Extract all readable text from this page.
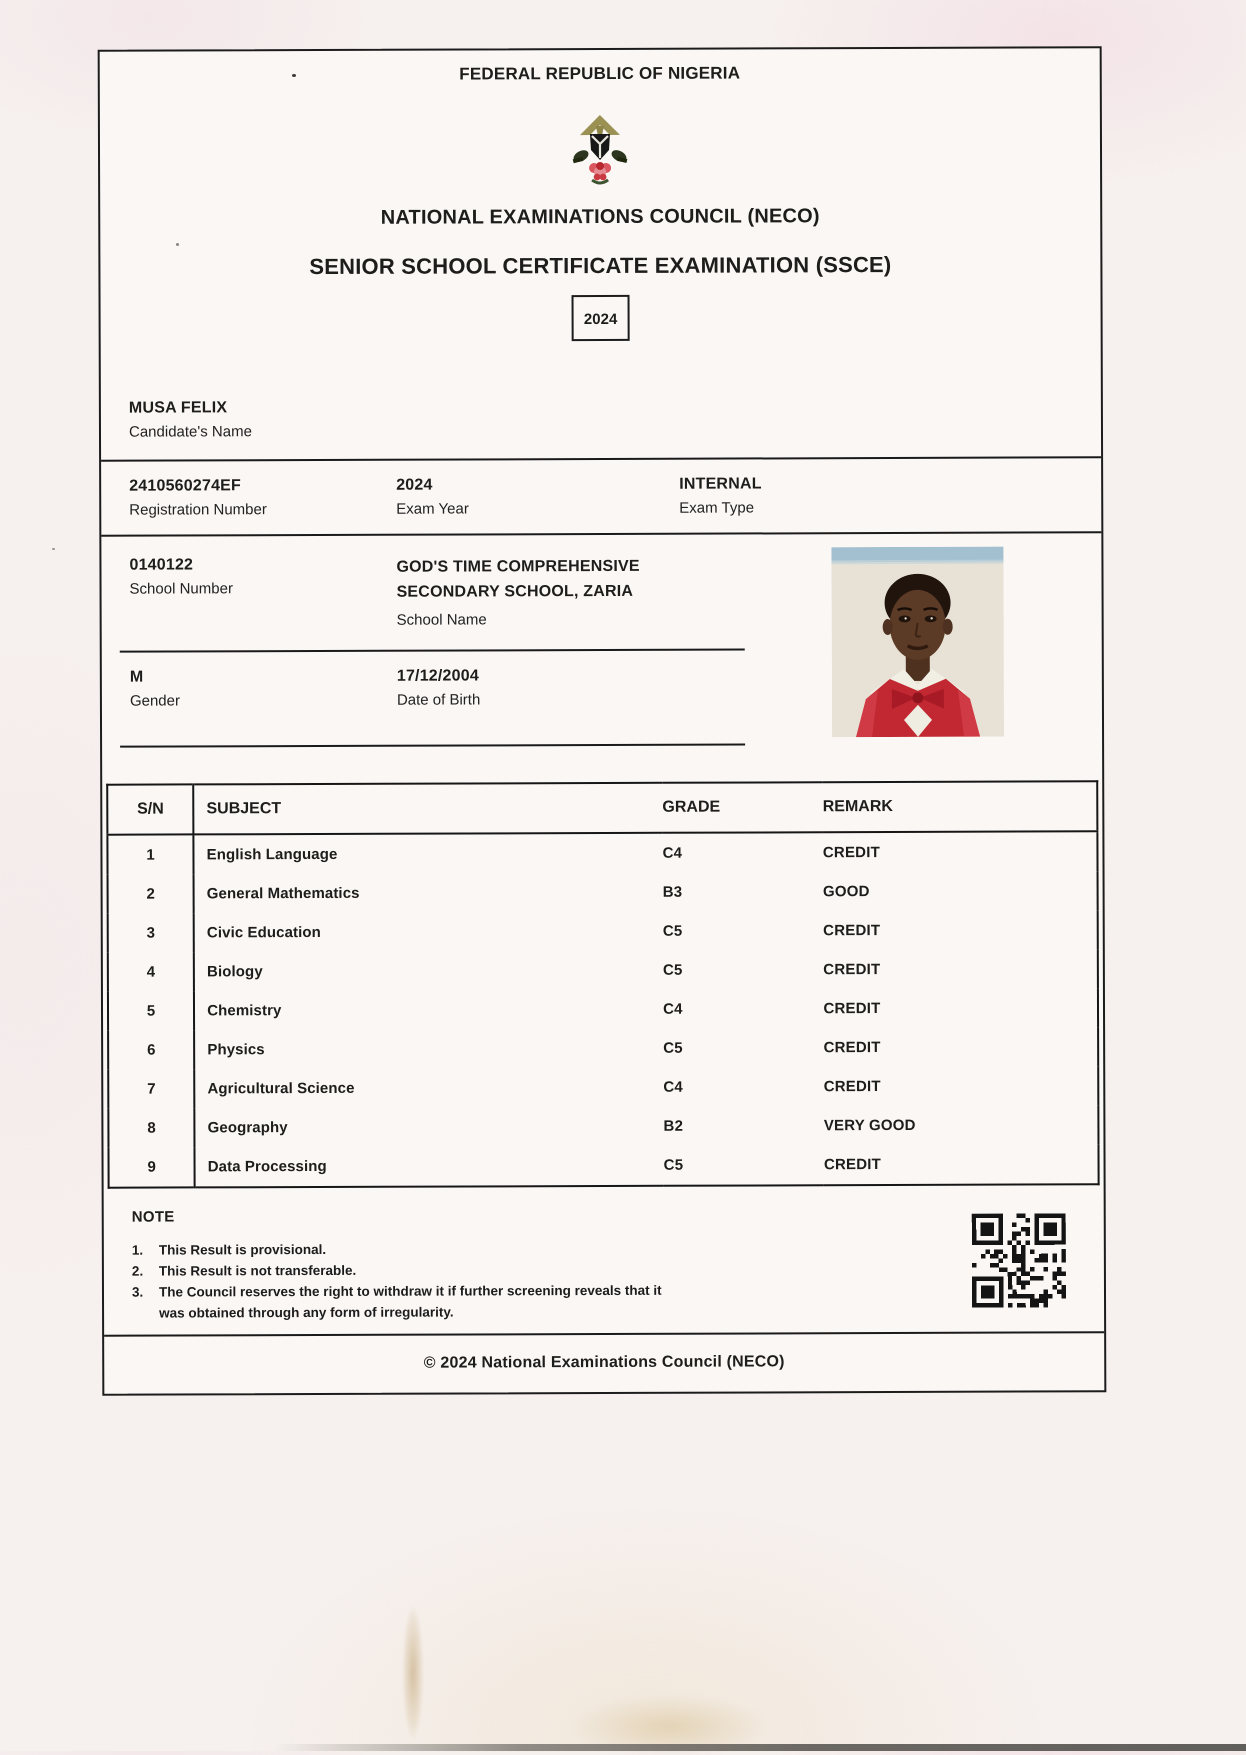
FEDERAL REPUBLIC OF NIGERIA
NATIONAL EXAMINATIONS COUNCIL (NECO)
SENIOR SCHOOL CERTIFICATE EXAMINATION (SSCE)
2024
MUSA FELIX
Candidate's Name
2410560274EF
Registration Number
2024
Exam Year
INTERNAL
Exam Type
0140122
School Number
GOD'S TIME COMPREHENSIVE SECONDARY SCHOOL, ZARIA
School Name
M
Gender
17/12/2004
Date of Birth
S/N	SUBJECT	GRADE	REMARK
1	English Language	C4	CREDIT
2	General Mathematics	B3	GOOD
3	Civic Education	C5	CREDIT
4	Biology	C5	CREDIT
5	Chemistry	C4	CREDIT
6	Physics	C5	CREDIT
7	Agricultural Science	C4	CREDIT
8	Geography	B2	VERY GOOD
9	Data Processing	C5	CREDIT
NOTE
This Result is provisional.
This Result is not transferable.
The Council reserves the right to withdraw it if further screening reveals that it was obtained through any form of irregularity.
© 2024 National Examinations Council (NECO)
